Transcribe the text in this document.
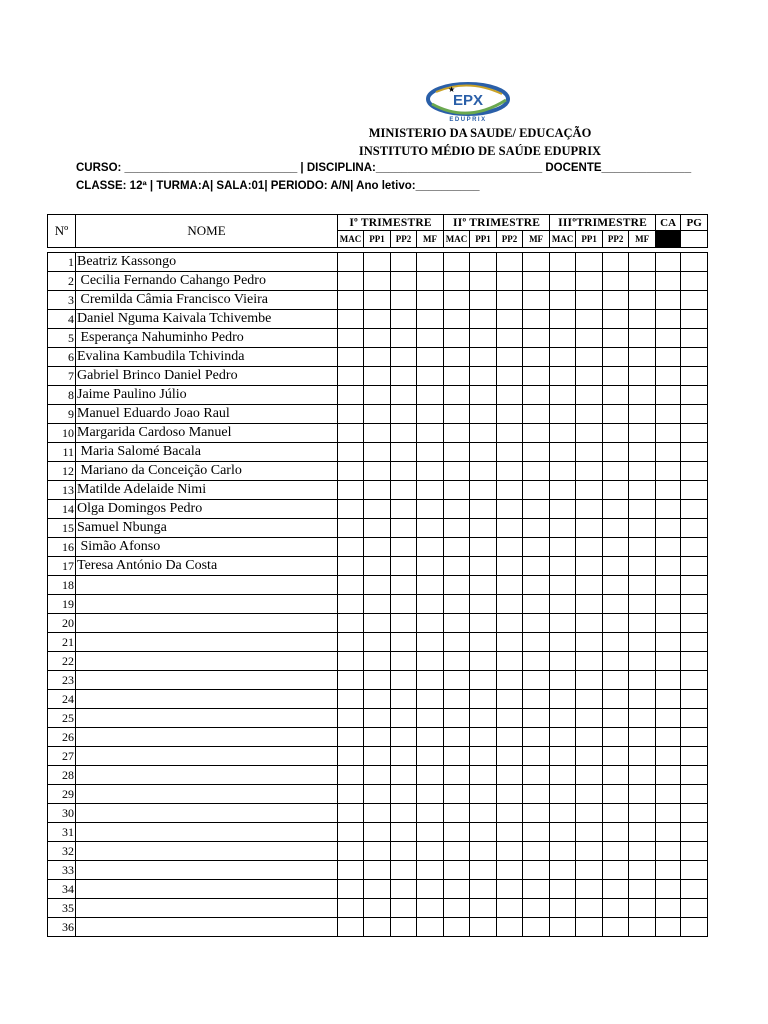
EPX
EDUPRIX
★
MINISTERIO DA SAUDE/ EDUCAÇÃO
INSTITUTO MÉDIO DE SAÚDE EDUPRIX
CURSO: ___________________________ | DISCIPLINA:__________________________ DOCENTE______________
CLASSE: 12ª | TURMA:A| SALA:01| PERIODO: A/N| Ano letivo:__________
Nº	NOME	Iº TRIMESTRE				IIº TRIMESTRE				IIIºTRIMESTRE				CA	PG
		MAC	PP1	PP2	MF	MAC	PP1	PP2	MF	MAC	PP1	PP2	MF		

1	Beatriz Kassongo														
2	Cecilia Fernando Cahango Pedro														
3	Cremilda Câmia Francisco Vieira														
4	Daniel Nguma Kaivala Tchivembe														
5	Esperança Nahuminho Pedro														
6	Evalina Kambudila Tchivinda														
7	Gabriel Brinco Daniel Pedro														
8	Jaime Paulino Júlio														
9	Manuel Eduardo Joao Raul														
10	Margarida Cardoso Manuel														
11	Maria Salomé Bacala														
12	Mariano da Conceição Carlo														
13	Matilde Adelaide Nimi														
14	Olga Domingos Pedro														
15	Samuel Nbunga														
16	Simão Afonso														
17	Teresa António Da Costa														
18															
19															
20															
21															
22															
23															
24															
25															
26															
27															
28															
29															
30															
31															
32															
33															
34															
35															
36															
